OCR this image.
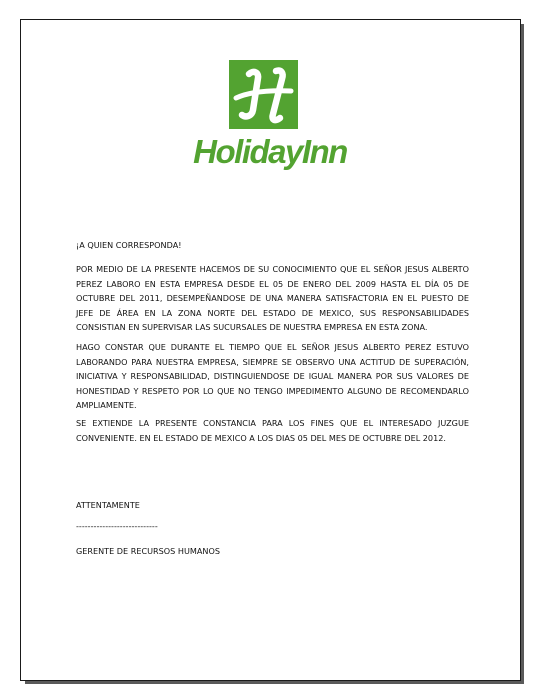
HolidayInn
¡A QUIEN CORRESPONDA!
POR MEDIO DE LA PRESENTE HACEMOS DE SU CONOCIMIENTO QUE EL SEÑOR JESUS ALBERTO PEREZ LABORO EN ESTA EMPRESA DESDE EL 05 DE ENERO DEL 2009 HASTA EL DÍA 05 DE OCTUBRE DEL 2011, DESEMPEÑANDOSE DE UNA MANERA SATISFACTORIA EN EL PUESTO DE JEFE DE ÁREA EN LA ZONA NORTE DEL ESTADO DE MEXICO, SUS RESPONSABILIDADES CONSISTIAN EN SUPERVISAR LAS SUCURSALES DE NUESTRA EMPRESA EN ESTA ZONA.
HAGO CONSTAR QUE DURANTE EL TIEMPO QUE EL SEÑOR JESUS ALBERTO PEREZ ESTUVO LABORANDO PARA NUESTRA EMPRESA, SIEMPRE SE OBSERVO UNA ACTITUD DE SUPERACIÓN, INICIATIVA Y RESPONSABILIDAD, DISTINGUIENDOSE DE IGUAL MANERA POR SUS VALORES DE HONESTIDAD Y RESPETO POR LO QUE NO TENGO IMPEDIMENTO ALGUNO DE RECOMENDARLO AMPLIAMENTE.
SE EXTIENDE LA PRESENTE CONSTANCIA PARA LOS FINES QUE EL INTERESADO JUZGUE CONVENIENTE. EN EL ESTADO DE MEXICO A LOS DIAS 05 DEL MES DE OCTUBRE DEL 2012.
ATTENTAMENTE
----------------------------
GERENTE DE RECURSOS HUMANOS
